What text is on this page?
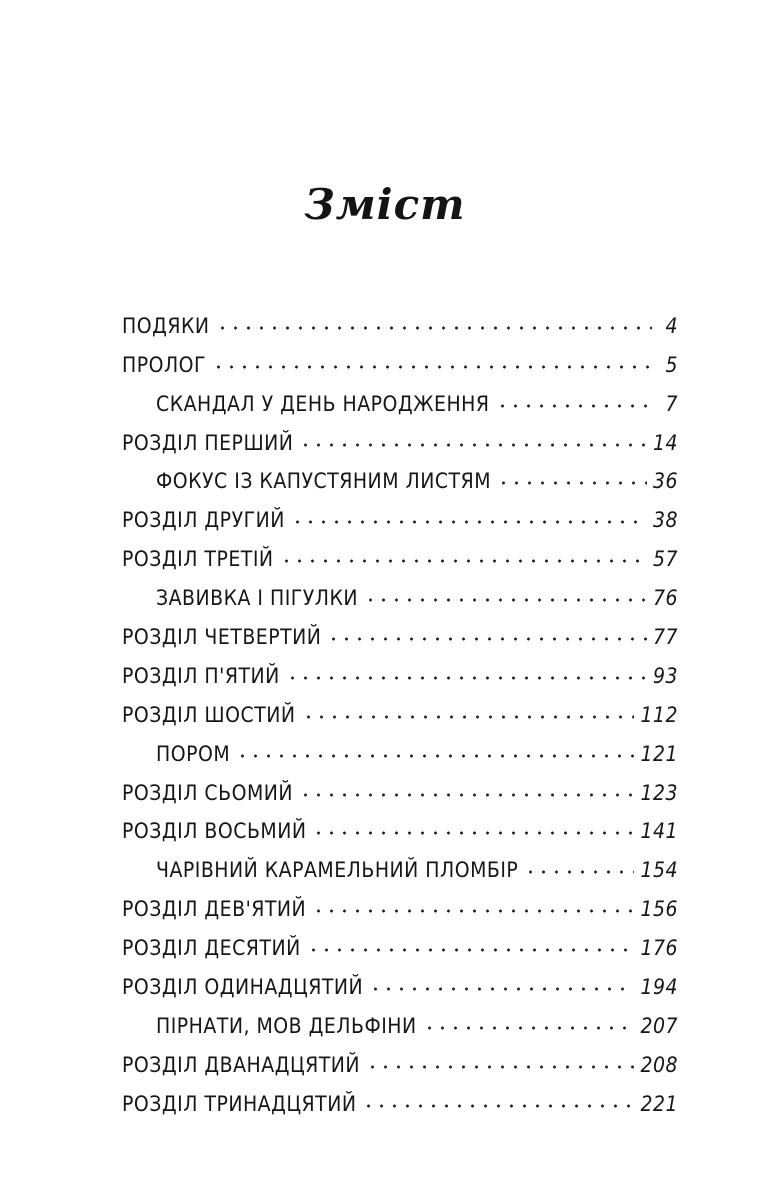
Зміст
ПОДЯКИ	4
ПРОЛОГ	5
СКАНДАЛ У ДЕНЬ НАРОДЖЕННЯ	7
РОЗДІЛ ПЕРШИЙ	14
ФОКУС ІЗ КАПУСТЯНИМ ЛИСТЯМ	36
РОЗДІЛ ДРУГИЙ	38
РОЗДІЛ ТРЕТІЙ	57
ЗАВИВКА І ПІГУЛКИ	76
РОЗДІЛ ЧЕТВЕРТИЙ	77
РОЗДІЛ П'ЯТИЙ	93
РОЗДІЛ ШОСТИЙ	112
ПОРОМ	121
РОЗДІЛ СЬОМИЙ	123
РОЗДІЛ ВОСЬМИЙ	141
ЧАРІВНИЙ КАРАМЕЛЬНИЙ ПЛОМБІР	154
РОЗДІЛ ДЕВ'ЯТИЙ	156
РОЗДІЛ ДЕСЯТИЙ	176
РОЗДІЛ ОДИНАДЦЯТИЙ	194
ПІРНАТИ, МОВ ДЕЛЬФІНИ	207
РОЗДІЛ ДВАНАДЦЯТИЙ	208
РОЗДІЛ ТРИНАДЦЯТИЙ	221
